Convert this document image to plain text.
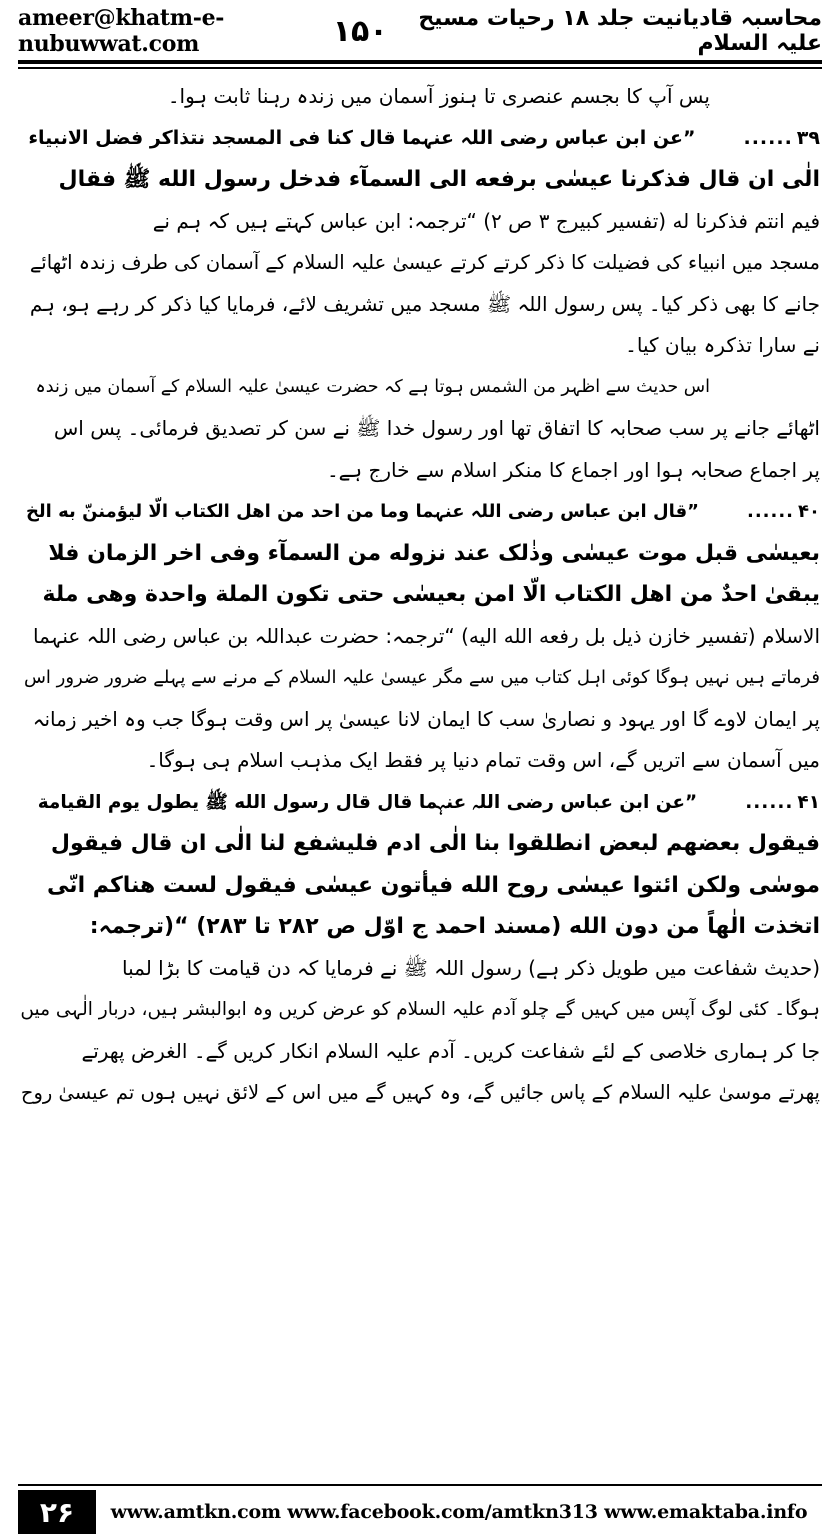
ameer@khatm-e-nubuwwat.com	۱۵۰	محاسبہ قادیانیت جلد ۱۸ رحیات مسیح علیہ السلام
پس آپ کا بجسم عنصری تا ہنوز آسمان میں زندہ رہنا ثابت ہوا۔
۳۹
......
”عن ابن عباس رضی اللہ عنہما قال کنا فی المسجد نتذاکر فضل الانبیاء
الٰی ان قال فذکرنا عیسٰی برفعه الی السمآء فدخل رسول الله ﷺ فقال
فیم انتم فذکرنا له (تفسیر کبیرج ۳ ص ۲) “ترجمہ: ابن عباس کہتے ہیں کہ ہم نے
مسجد میں انبیاء کی فضیلت کا ذکر کرتے کرتے عیسیٰ علیہ السلام کے آسمان کی طرف زندہ اٹھائے
جانے کا بھی ذکر کیا۔ پس رسول اللہ ﷺ مسجد میں تشریف لائے، فرمایا کیا ذکر کر رہے ہو، ہم
نے سارا تذکرہ بیان کیا۔
اس حدیث سے اظہر من الشمس ہوتا ہے کہ حضرت عیسیٰ علیہ السلام کے آسمان میں زندہ
اٹھائے جانے پر سب صحابہ کا اتفاق تھا اور رسول خدا ﷺ نے سن کر تصدیق فرمائی۔ پس اس
پر اجماع صحابہ ہوا اور اجماع کا منکر اسلام سے خارج ہے۔
۴۰
......
”قال ابن عباس رضی اللہ عنہما وما من احد من اهل الکتاب الّا لیؤمننّ به الخ
بعیسٰی قبل موت عیسٰی وذٰلک عند نزوله من السمآء وفی اخر الزمان فلا
یبقیٰ احدٌ من اهل الکتاب الّا امن بعیسٰی حتی تکون الملة واحدة وهی ملة
الاسلام (تفسیر خازن ذیل بل رفعه الله الیه) “ترجمہ: حضرت عبداللہ بن عباس رضی اللہ عنہما
فرماتے ہیں نہیں ہوگا کوئی اہل کتاب میں سے مگر عیسیٰ علیہ السلام کے مرنے سے پہلے ضرور ضرور اس
پر ایمان لاوے گا اور یہود و نصاریٰ سب کا ایمان لانا عیسیٰ پر اس وقت ہوگا جب وہ اخیر زمانہ
میں آسمان سے اتریں گے، اس وقت تمام دنیا پر فقط ایک مذہب اسلام ہی ہوگا۔
۴۱
......
”عن ابن عباس رضی اللہ عنہما قال قال رسول الله ﷺ یطول یوم القیامة
فیقول بعضهم لبعض انطلقوا بنا الٰی ادم فلیشفع لنا الٰی ان قال فیقول
موسٰی ولکن ائتوا عیسٰی روح الله فیأتون عیسٰی فیقول لست هناکم انّی
اتخذت الٰهاً من دون الله (مسند احمد ج اوّل ص ۲۸۲ تا ۲۸۳) “(ترجمہ:
(حدیث شفاعت میں طویل ذکر ہے) رسول اللہ ﷺ نے فرمایا کہ دن قیامت کا بڑا لمبا
ہوگا۔ کئی لوگ آپس میں کہیں گے چلو آدم علیہ السلام کو عرض کریں وہ ابوالبشر ہیں، دربار الٰہی میں
جا کر ہماری خلاصی کے لئے شفاعت کریں۔ آدم علیہ السلام انکار کریں گے۔ الغرض پھرتے
پھرتے موسیٰ علیہ السلام کے پاس جائیں گے، وہ کہیں گے میں اس کے لائق نہیں ہوں تم عیسیٰ روح
۲۶	www.amtkn.com www.facebook.com/amtkn313 www.emaktaba.info
